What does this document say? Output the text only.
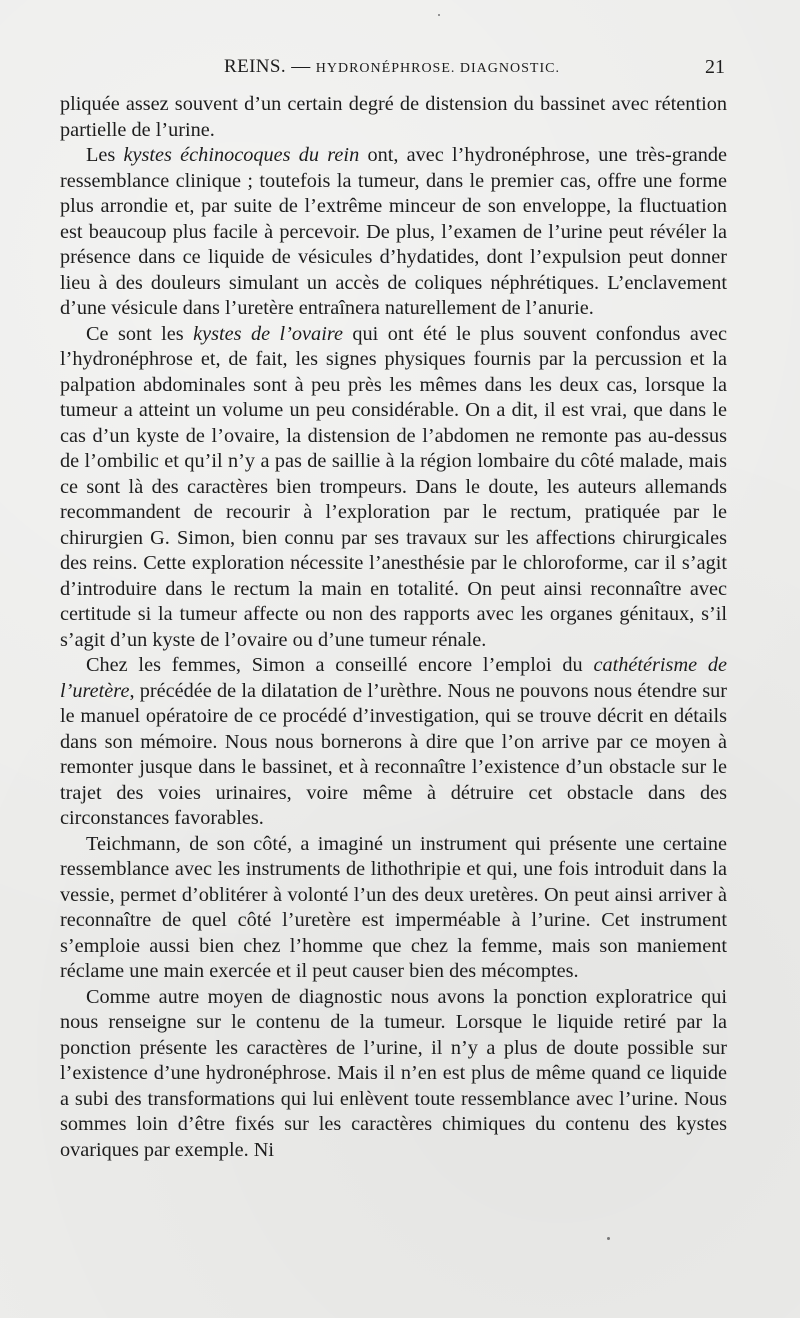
REINS. — HYDRONÉPHROSE. DIAGNOSTIC.	21

pliquée assez souvent d’un certain degré de distension du bassinet avec rétention partielle de l’urine.

Les kystes échinocoques du rein ont, avec l’hydronéphrose, une très-grande ressemblance clinique ; toutefois la tumeur, dans le premier cas, offre une forme plus arrondie et, par suite de l’extrême minceur de son enveloppe, la fluctuation est beaucoup plus facile à percevoir. De plus, l’examen de l’urine peut révéler la présence dans ce liquide de vésicules d’hydatides, dont l’expulsion peut donner lieu à des douleurs simulant un accès de coliques néphrétiques. L’enclavement d’une vésicule dans l’uretère entraînera naturellement de l’anurie.

Ce sont les kystes de l’ovaire qui ont été le plus souvent confondus avec l’hydronéphrose et, de fait, les signes physiques fournis par la percussion et la palpation abdominales sont à peu près les mêmes dans les deux cas, lorsque la tumeur a atteint un volume un peu considérable. On a dit, il est vrai, que dans le cas d’un kyste de l’ovaire, la distension de l’abdomen ne remonte pas au-dessus de l’ombilic et qu’il n’y a pas de saillie à la région lombaire du côté malade, mais ce sont là des caractères bien trompeurs. Dans le doute, les auteurs allemands recommandent de recourir à l’exploration par le rectum, pratiquée par le chirurgien G. Simon, bien connu par ses travaux sur les affections chirurgicales des reins. Cette exploration nécessite l’anesthésie par le chloroforme, car il s’agit d’introduire dans le rectum la main en totalité. On peut ainsi reconnaître avec certitude si la tumeur affecte ou non des rapports avec les organes génitaux, s’il s’agit d’un kyste de l’ovaire ou d’une tumeur rénale.

Chez les femmes, Simon a conseillé encore l’emploi du cathétérisme de l’uretère, précédée de la dilatation de l’urèthre. Nous ne pouvons nous étendre sur le manuel opératoire de ce procédé d’investigation, qui se trouve décrit en détails dans son mémoire. Nous nous bornerons à dire que l’on arrive par ce moyen à remonter jusque dans le bassinet, et à reconnaître l’existence d’un obstacle sur le trajet des voies urinaires, voire même à détruire cet obstacle dans des circonstances favorables.

Teichmann, de son côté, a imaginé un instrument qui présente une certaine ressemblance avec les instruments de lithothripie et qui, une fois introduit dans la vessie, permet d’oblitérer à volonté l’un des deux uretères. On peut ainsi arriver à reconnaître de quel côté l’uretère est imperméable à l’urine. Cet instrument s’emploie aussi bien chez l’homme que chez la femme, mais son maniement réclame une main exercée et il peut causer bien des mécomptes.

Comme autre moyen de diagnostic nous avons la ponction exploratrice qui nous renseigne sur le contenu de la tumeur. Lorsque le liquide retiré par la ponction présente les caractères de l’urine, il n’y a plus de doute possible sur l’existence d’une hydronéphrose. Mais il n’en est plus de même quand ce liquide a subi des transformations qui lui enlèvent toute ressemblance avec l’urine. Nous sommes loin d’être fixés sur les caractères chimiques du contenu des kystes ovariques par exemple. Ni
